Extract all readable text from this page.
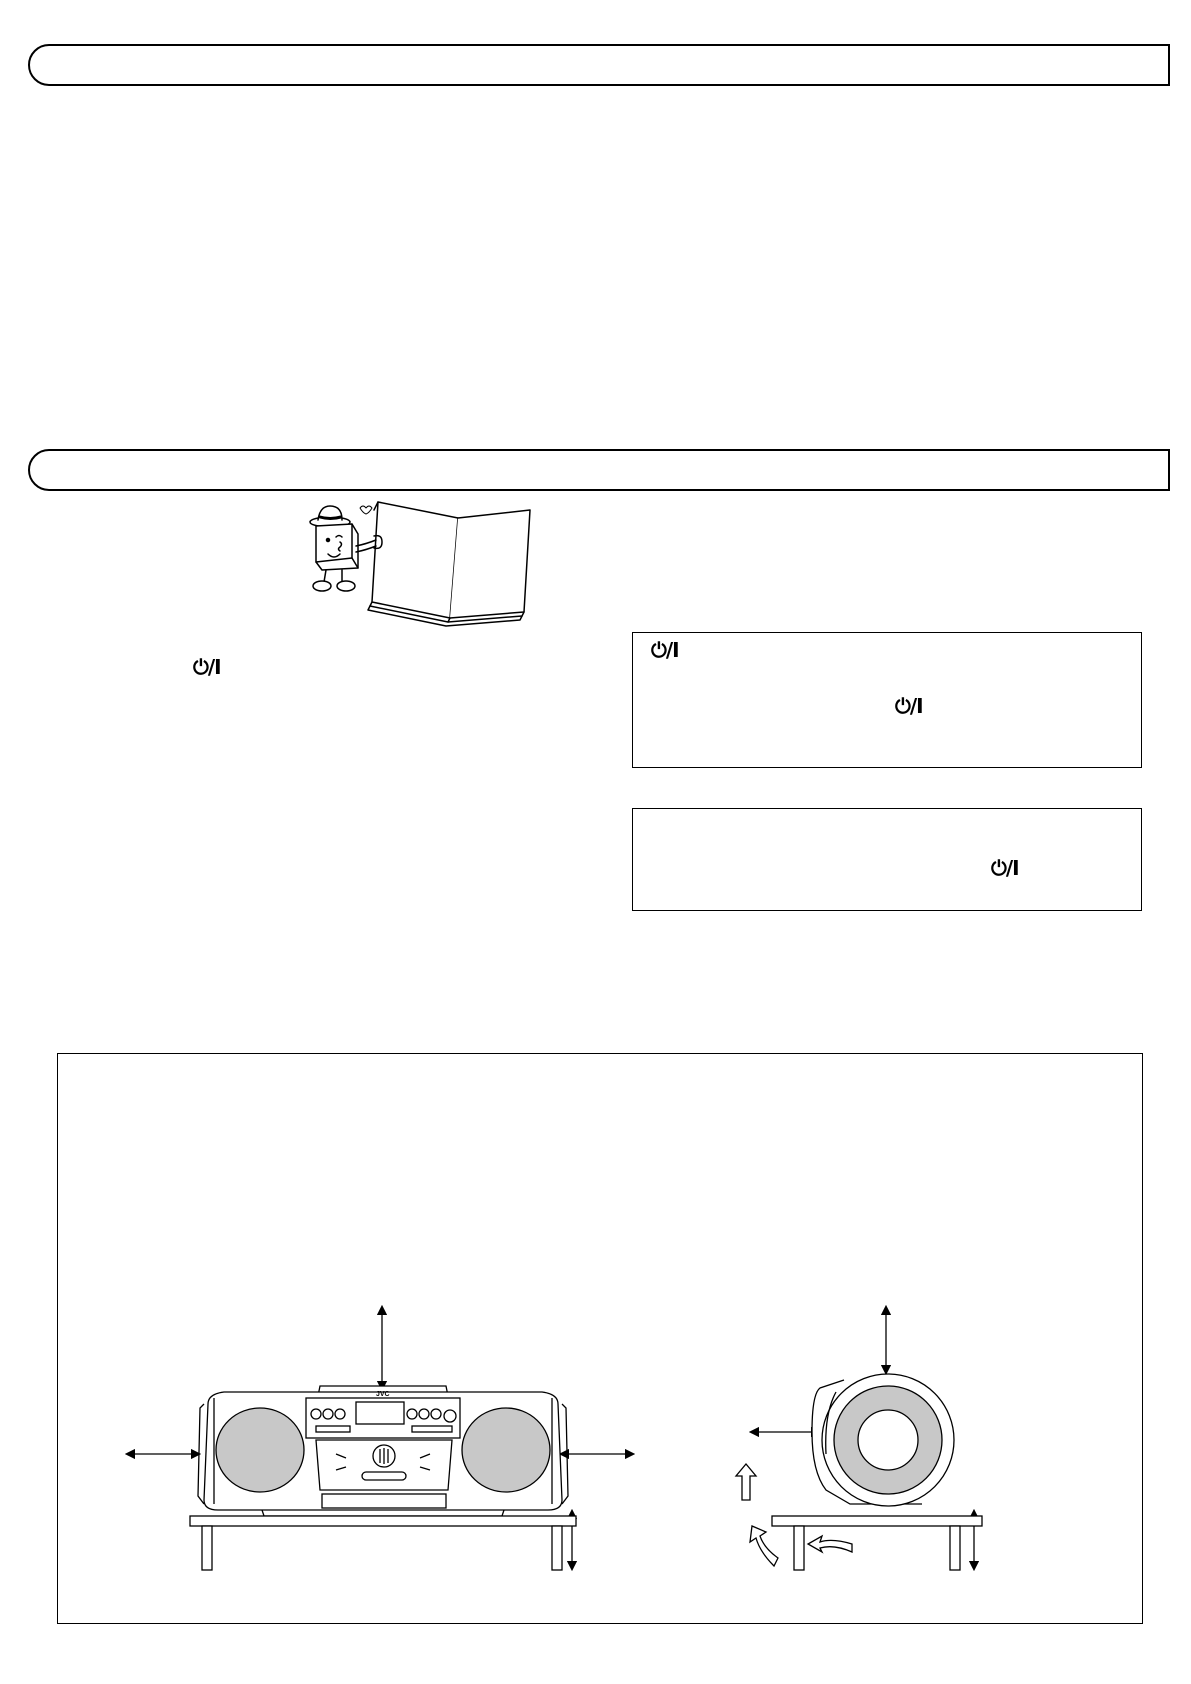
⏻/I
⏻/I
⏻/I
⏻/I
JVC
